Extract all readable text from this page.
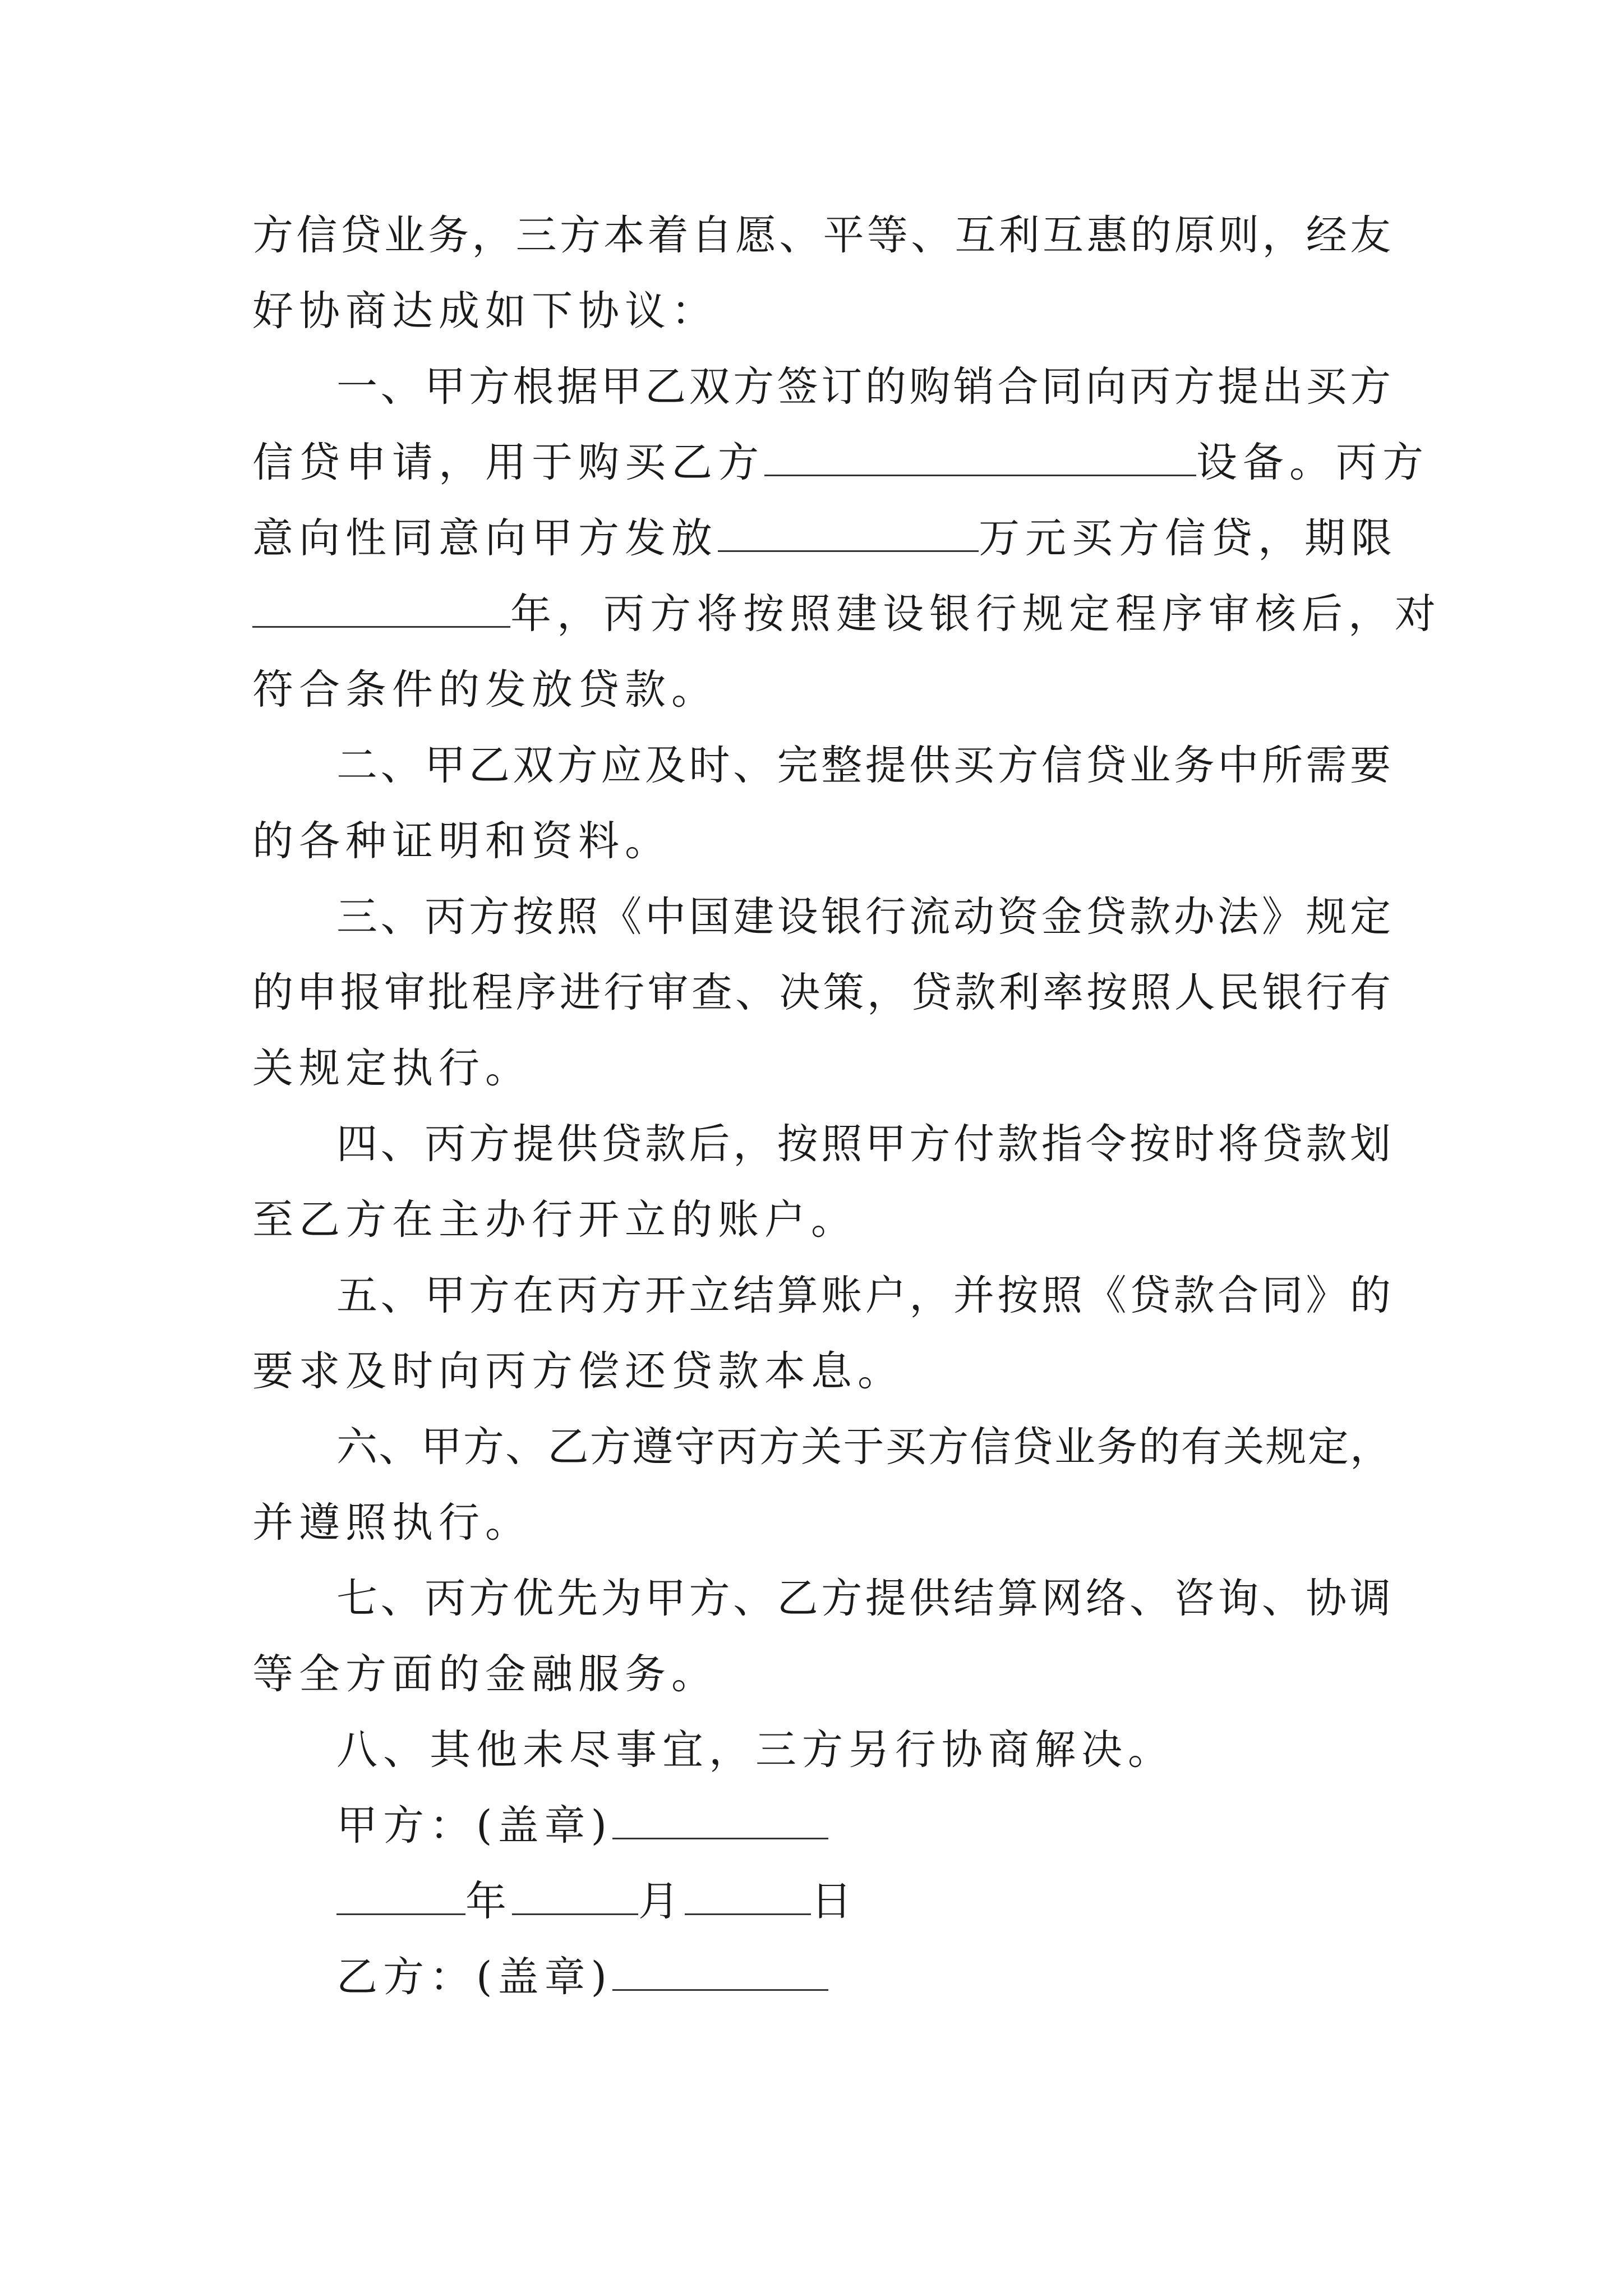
方信贷业务，三方本着自愿、平等、互利互惠的原则，经友
好协商达成如下协议：
一、甲方根据甲乙双方签订的购销合同向丙方提出买方
信贷申请，用于购买乙方	设备。丙方
意向性同意向甲方发放	万元买方信贷，期限
年，丙方将按照建设银行规定程序审核后，对
符合条件的发放贷款。
二、甲乙双方应及时、完整提供买方信贷业务中所需要
的各种证明和资料。
三、丙方按照《中国建设银行流动资金贷款办法》规定
的申报审批程序进行审查、决策，贷款利率按照人民银行有
关规定执行。
四、丙方提供贷款后，按照甲方付款指令按时将贷款划
至乙方在主办行开立的账户。
五、甲方在丙方开立结算账户，并按照《贷款合同》的
要求及时向丙方偿还贷款本息。
六、甲方、乙方遵守丙方关于买方信贷业务的有关规定，
并遵照执行。
七、丙方优先为甲方、乙方提供结算网络、咨询、协调
等全方面的金融服务。
八、其他未尽事宜，三方另行协商解决。
甲方：(盖章)
年	月	日
乙方：(盖章)
